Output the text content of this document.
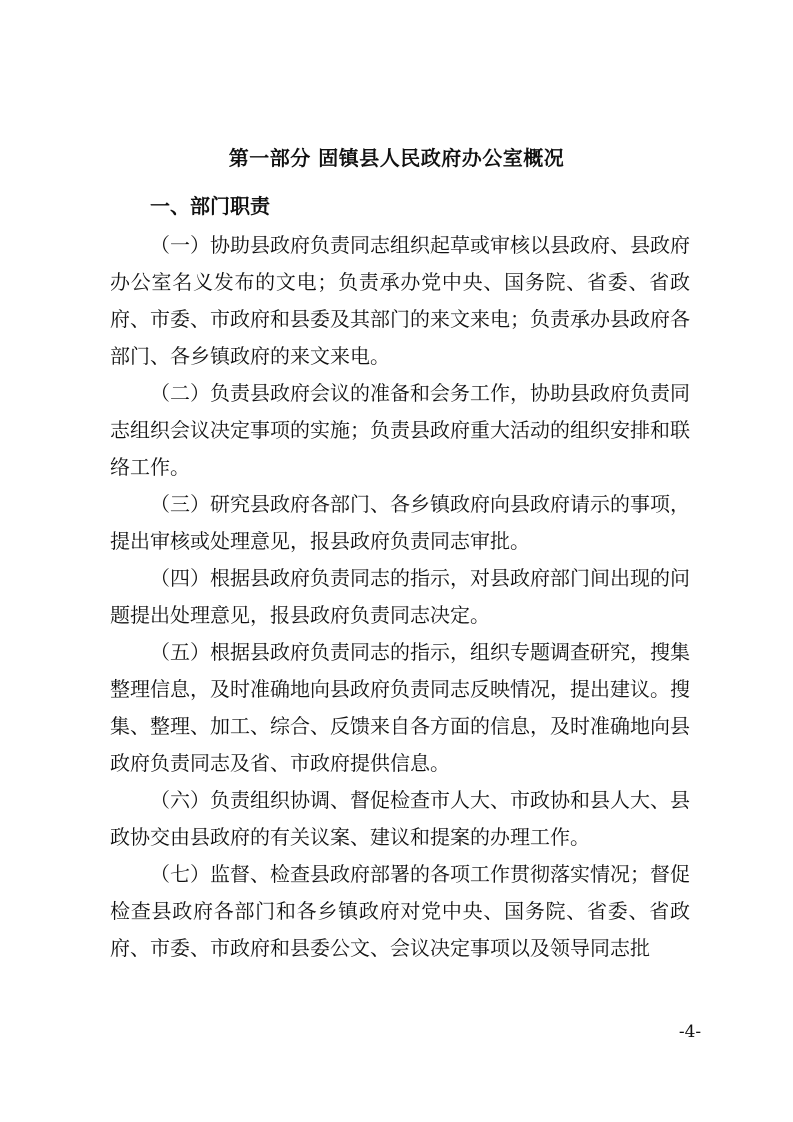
第一部分 固镇县人民政府办公室概况
一、部门职责

（一）协助县政府负责同志组织起草或审核以县政府、县政府办公室名义发布的文电；负责承办党中央、国务院、省委、省政府、市委、市政府和县委及其部门的来文来电；负责承办县政府各部门、各乡镇政府的来文来电。

（二）负责县政府会议的准备和会务工作，协助县政府负责同志组织会议决定事项的实施；负责县政府重大活动的组织安排和联络工作。

（三）研究县政府各部门、各乡镇政府向县政府请示的事项，提出审核或处理意见，报县政府负责同志审批。

（四）根据县政府负责同志的指示，对县政府部门间出现的问题提出处理意见，报县政府负责同志决定。

（五）根据县政府负责同志的指示，组织专题调查研究，搜集整理信息，及时准确地向县政府负责同志反映情况，提出建议。搜集、整理、加工、综合、反馈来自各方面的信息，及时准确地向县政府负责同志及省、市政府提供信息。

（六）负责组织协调、督促检查市人大、市政协和县人大、县政协交由县政府的有关议案、建议和提案的办理工作。

（七）监督、检查县政府部署的各项工作贯彻落实情况；督促检查县政府各部门和各乡镇政府对党中央、国务院、省委、省政府、市委、市政府和县委公文、会议决定事项以及领导同志批

-4-
